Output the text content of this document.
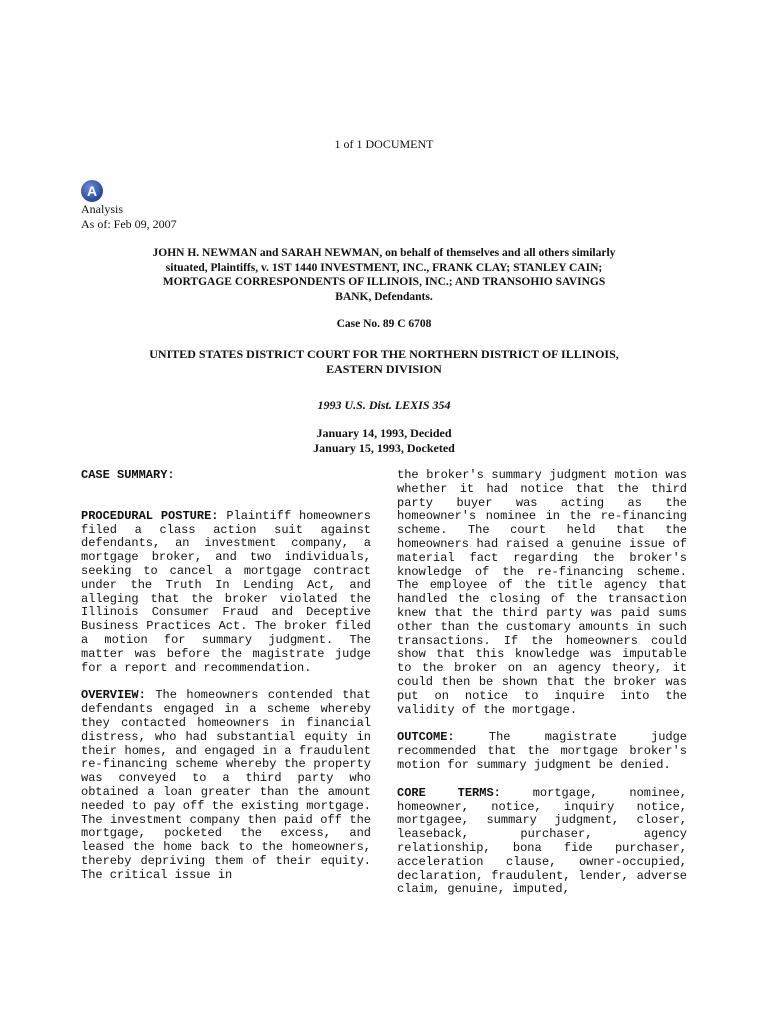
1 of 1 DOCUMENT
A
Analysis
As of: Feb 09, 2007
JOHN H. NEWMAN and SARAH NEWMAN, on behalf of themselves and all others similarly situated, Plaintiffs, v. 1ST 1440 INVESTMENT, INC., FRANK CLAY; STANLEY CAIN; MORTGAGE CORRESPONDENTS OF ILLINOIS, INC.; AND TRANSOHIO SAVINGS BANK, Defendants.
Case No. 89 C 6708
UNITED STATES DISTRICT COURT FOR THE NORTHERN DISTRICT OF ILLINOIS, EASTERN DIVISION
1993 U.S. Dist. LEXIS 354
January 14, 1993, Decided
January 15, 1993, Docketed

CASE SUMMARY:

PROCEDURAL POSTURE: Plaintiff homeowners filed a class action suit against defendants, an investment company, a mortgage broker, and two individuals, seeking to cancel a mortgage contract under the Truth In Lending Act, and alleging that the broker violated the Illinois Consumer Fraud and Deceptive Business Practices Act. The broker filed a motion for summary judgment. The matter was before the magistrate judge for a report and recommendation.

OVERVIEW: The homeowners contended that defendants engaged in a scheme whereby they contacted homeowners in financial distress, who had substantial equity in their homes, and engaged in a fraudulent re-financing scheme whereby the property was conveyed to a third party who obtained a loan greater than the amount needed to pay off the existing mortgage. The investment company then paid off the mortgage, pocketed the excess, and leased the home back to the homeowners, thereby depriving them of their equity. The critical issue in

the broker's summary judgment motion was whether it had notice that the third party buyer was acting as the homeowner's nominee in the re-financing scheme. The court held that the homeowners had raised a genuine issue of material fact regarding the broker's knowledge of the re-financing scheme. The employee of the title agency that handled the closing of the transaction knew that the third party was paid sums other than the customary amounts in such transactions. If the homeowners could show that this knowledge was imputable to the broker on an agency theory, it could then be shown that the broker was put on notice to inquire into the validity of the mortgage.

OUTCOME:	The magistrate judge recommended that the mortgage broker's motion for summary judgment be denied.

CORE TERMS:	mortgage, nominee, homeowner, notice, inquiry notice, mortgagee, summary judgment, closer, leaseback, purchaser, agency relationship, bona fide purchaser, acceleration clause, owner-occupied, declaration, fraudulent, lender, adverse claim, genuine, imputed,
